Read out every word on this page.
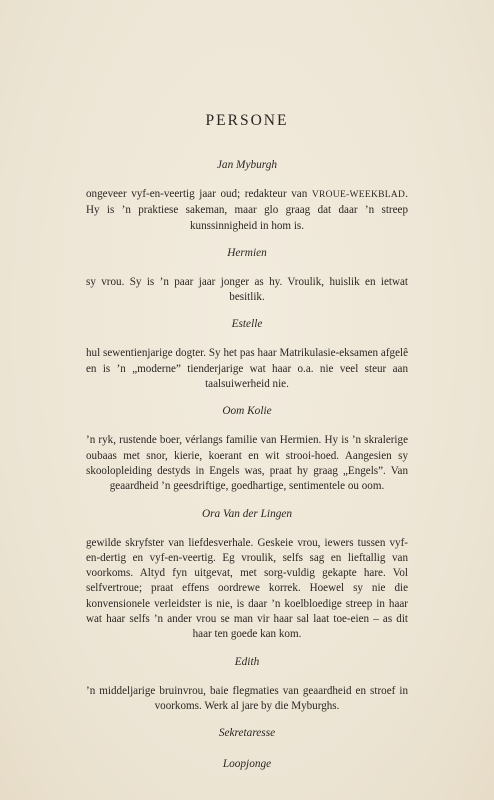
PERSONE

Jan Myburgh

ongeveer vyf-en-veertig jaar oud; redakteur van VROUE-WEEKBLAD. Hy is ’n praktiese sakeman, maar glo graag dat daar ’n streep kunssinnigheid in hom is.

Hermien

sy vrou. Sy is ’n paar jaar jonger as hy. Vroulik, huislik en ietwat besitlik.

Estelle

hul sewentienjarige dogter. Sy het pas haar Matrikulasie-eksamen afgelê en is ’n „moderne” tienderjarige wat haar o.a. nie veel steur aan taalsuiwerheid nie.

Oom Kolie

’n ryk, rustende boer, vérlangs familie van Hermien. Hy is ’n skralerige oubaas met snor, kierie, koerant en wit strooi-hoed. Aangesien sy skoolopleiding destyds in Engels was, praat hy graag „Engels”. Van geaardheid ’n geesdriftige, goedhartige, sentimentele ou oom.

Ora Van der Lingen

gewilde skryfster van liefdesverhale. Geskeie vrou, iewers tussen vyf-en-dertig en vyf-en-veertig. Eg vroulik, selfs sag en lieftallig van voorkoms. Altyd fyn uitgevat, met sorg-vuldig gekapte hare. Vol selfvertroue; praat effens oordrewe korrek. Hoewel sy nie die konvensionele verleidster is nie, is daar ’n koelbloedige streep in haar wat haar selfs ’n ander vrou se man vir haar sal laat toe-eien – as dit haar ten goede kan kom.

Edith

’n middeljarige bruinvrou, baie flegmaties van geaardheid en stroef in voorkoms. Werk al jare by die Myburghs.

Sekretaresse

Loopjonge
